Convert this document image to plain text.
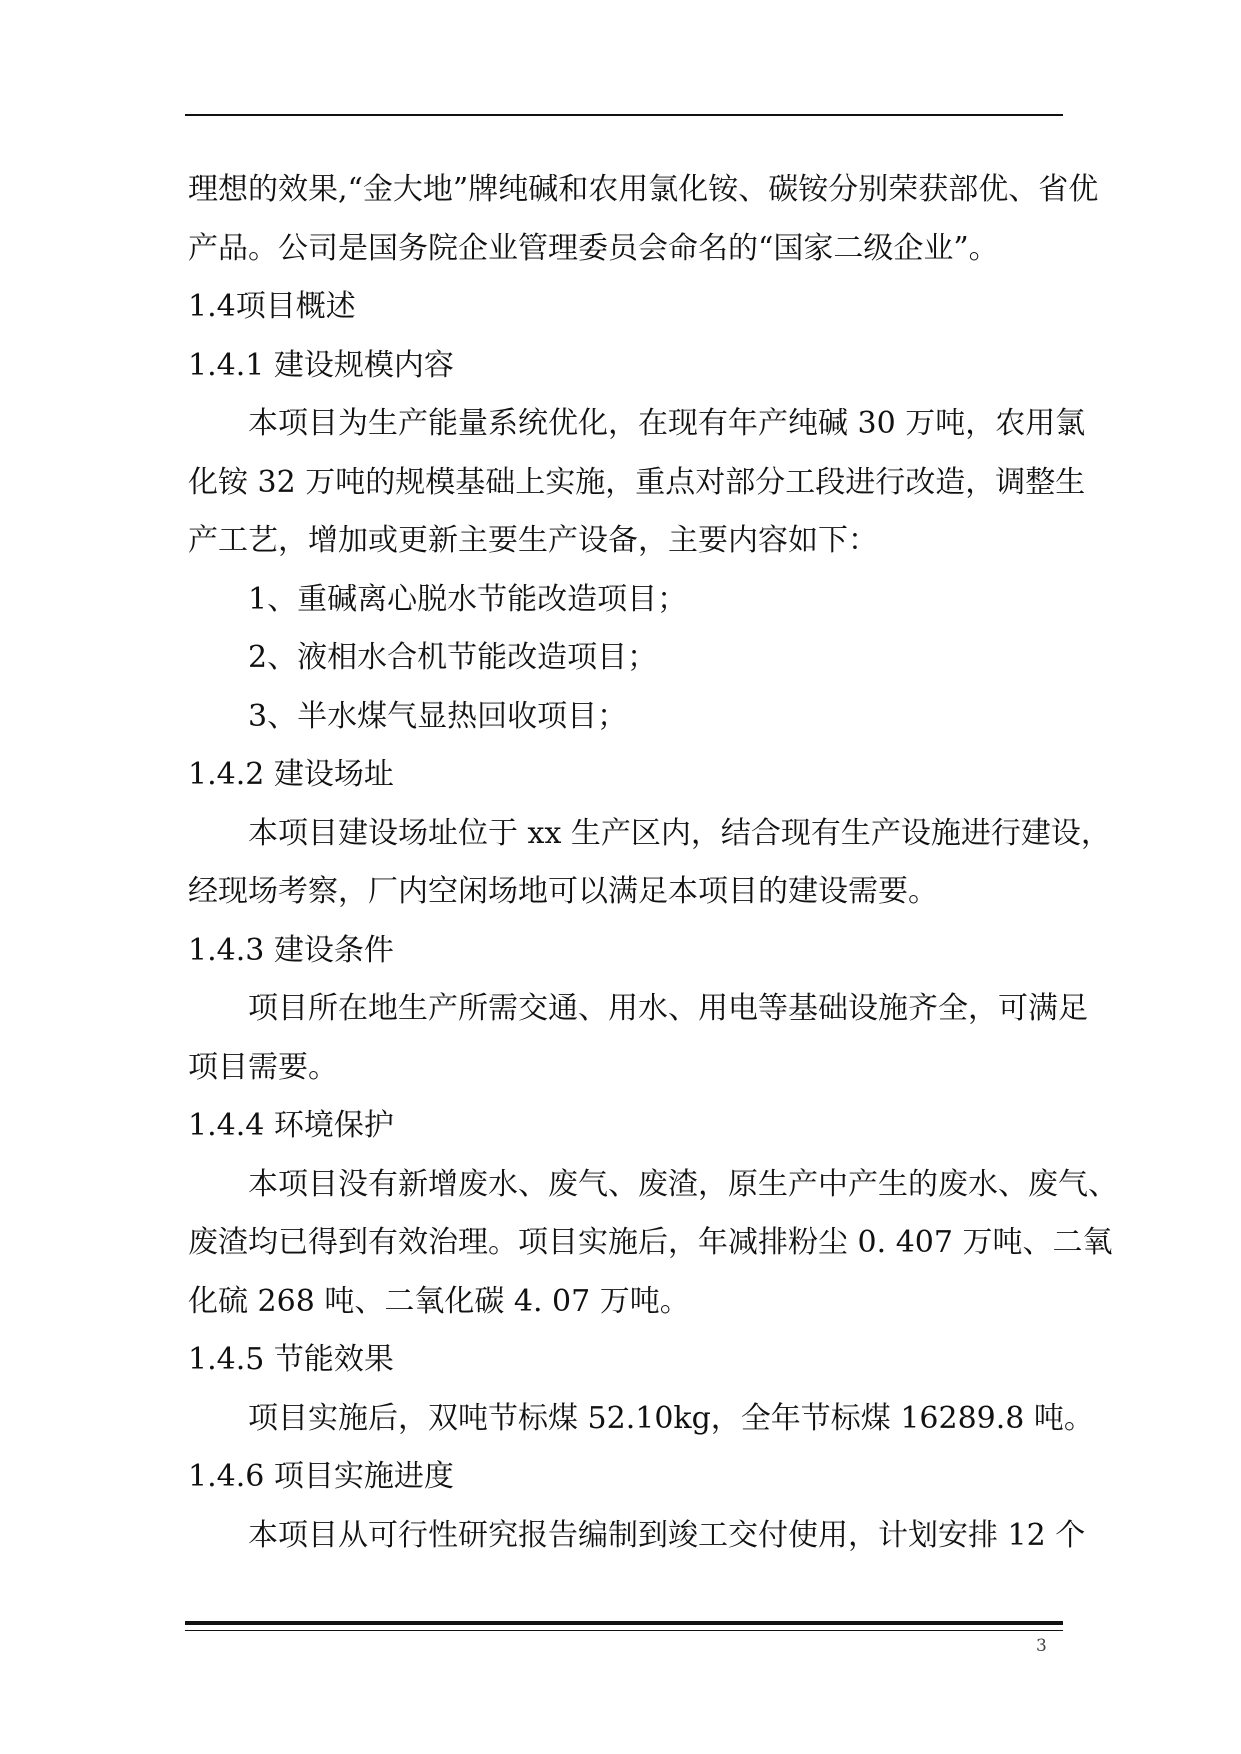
理想的效果,“金大地”牌纯碱和农用氯化铵、碳铵分别荣获部优、省优
产品。公司是国务院企业管理委员会命名的“国家二级企业”。
1.4项目概述
1.4.1 建设规模内容
本项目为生产能量系统优化，在现有年产纯碱 30 万吨，农用氯
化铵 32 万吨的规模基础上实施，重点对部分工段进行改造，调整生
产工艺，增加或更新主要生产设备，主要内容如下：
1、重碱离心脱水节能改造项目；
2、液相水合机节能改造项目；
3、半水煤气显热回收项目；
1.4.2 建设场址
本项目建设场址位于 xx 生产区内，结合现有生产设施进行建设，
经现场考察，厂内空闲场地可以满足本项目的建设需要。
1.4.3 建设条件
项目所在地生产所需交通、用水、用电等基础设施齐全，可满足
项目需要。
1.4.4 环境保护
本项目没有新增废水、废气、废渣，原生产中产生的废水、废气、
废渣均已得到有效治理。项目实施后，年减排粉尘 0. 407 万吨、二氧
化硫 268 吨、二氧化碳 4. 07 万吨。
1.4.5 节能效果
项目实施后，双吨节标煤 52.10kg，全年节标煤 16289.8 吨。
1.4.6 项目实施进度
本项目从可行性研究报告编制到竣工交付使用，计划安排 12 个
3
